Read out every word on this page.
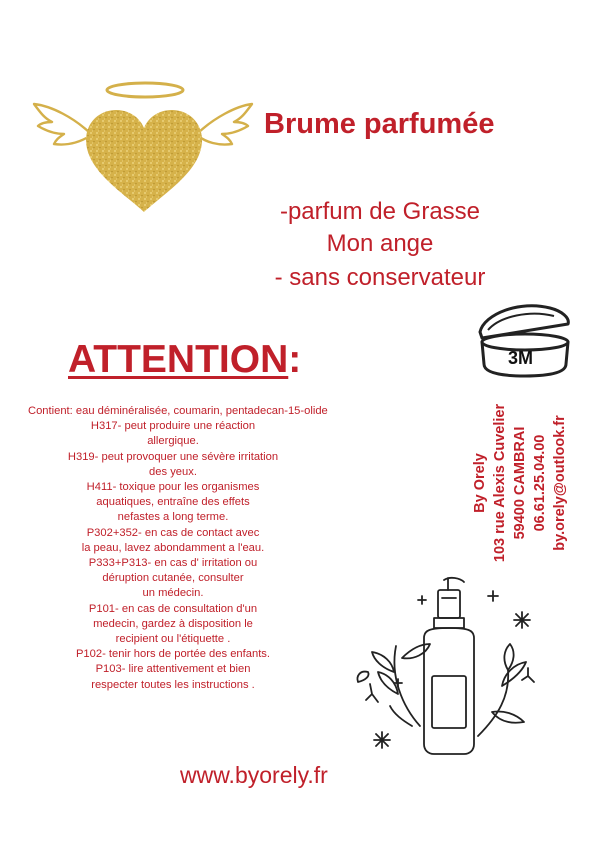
Brume parfumée
-parfum de Grasse
Mon ange
- sans conservateur
3M
ATTENTION:
Contient: eau déminéralisée, coumarin, pentadecan-15-olide
H317- peut produire une réaction
allergique.
H319- peut provoquer une sévère irritation
des yeux.
H411- toxique pour les organismes
aquatiques, entraîne des effets
nefastes a long terme.
P302+352- en cas de contact avec
la peau, lavez abondamment a l'eau.
P333+P313- en cas d' irritation ou
déruption cutanée, consulter
un médecin.
P101- en cas de consultation d'un
medecin, gardez à disposition le
recipient ou l'étiquette .
P102- tenir hors de portée des enfants.
P103- lire attentivement et bien
respecter toutes les instructions .
By Orely 103 rue Alexis Cuvelier 59400 CAMBRAI 06.61.25.04.00 by.orely@outlook.fr
www.byorely.fr
